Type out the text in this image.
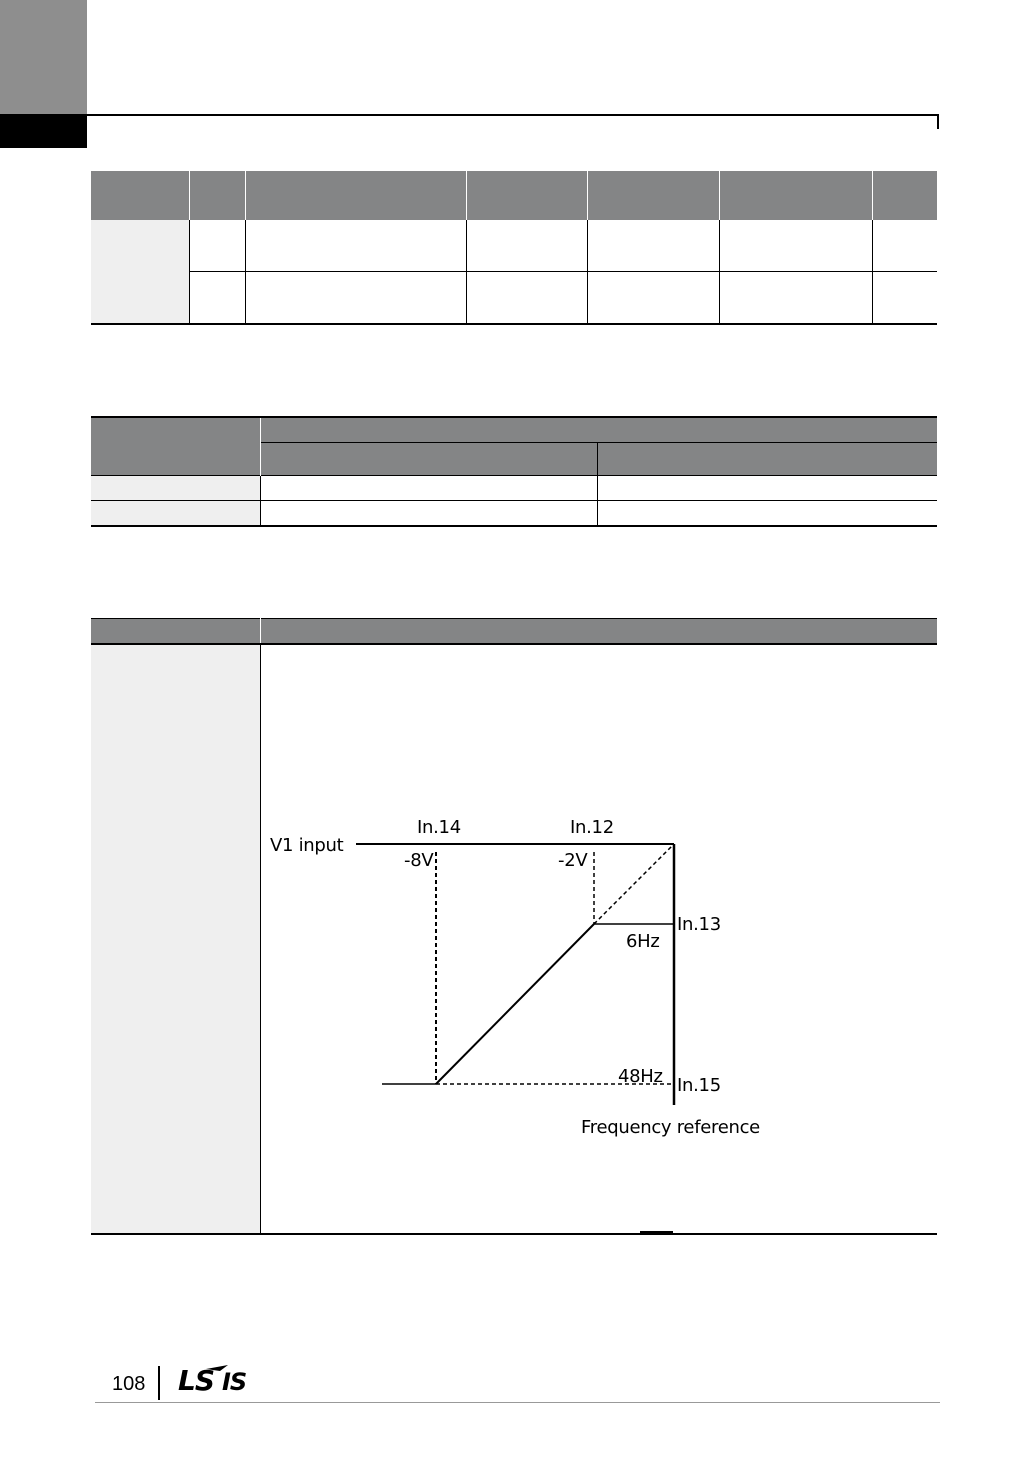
V1 input
In.14	In.12
-8V	-2V
In.13
6Hz
48Hz In.15
Frequency reference
108 LS IS
